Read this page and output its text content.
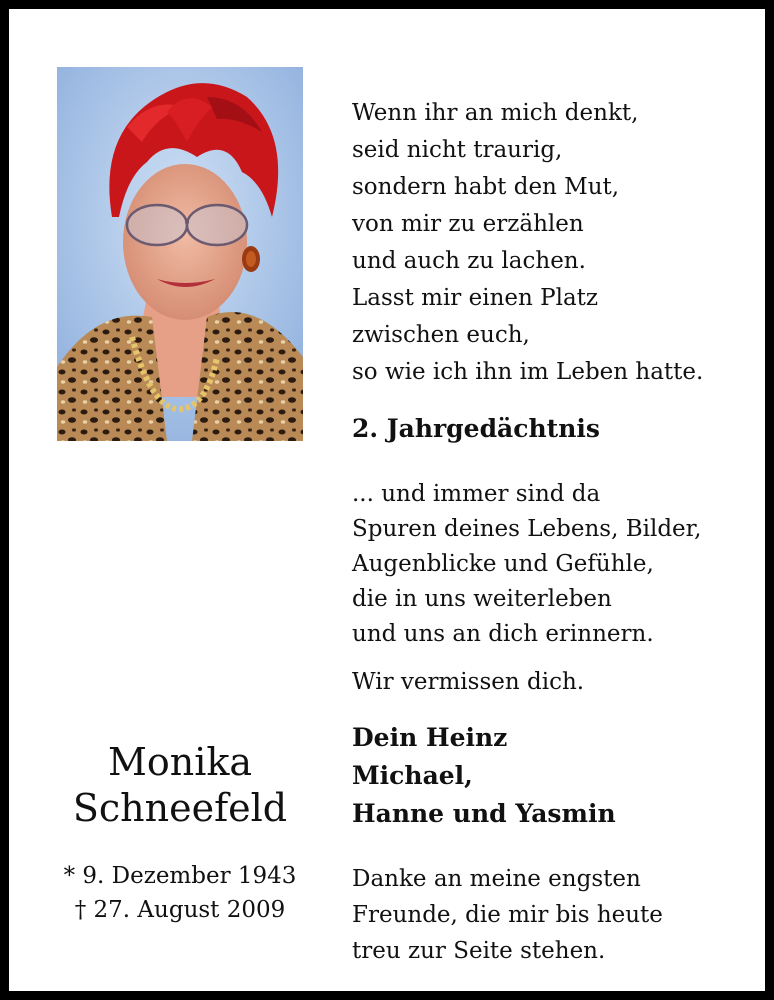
Wenn ihr an mich denkt,
seid nicht traurig,
sondern habt den Mut,
von mir zu erzählen
und auch zu lachen.
Lasst mir einen Platz
zwischen euch,
so wie ich ihn im Leben hatte.
2. Jahrgedächtnis
... und immer sind da
Spuren deines Lebens, Bilder,
Augenblicke und Gefühle,
die in uns weiterleben
und uns an dich erinnern.
Wir vermissen dich.
Dein Heinz
Michael,
Hanne und Yasmin
Monika
Schneefeld
* 9. Dezember 1943
† 27. August 2009
Danke an meine engsten
Freunde, die mir bis heute
treu zur Seite stehen.
